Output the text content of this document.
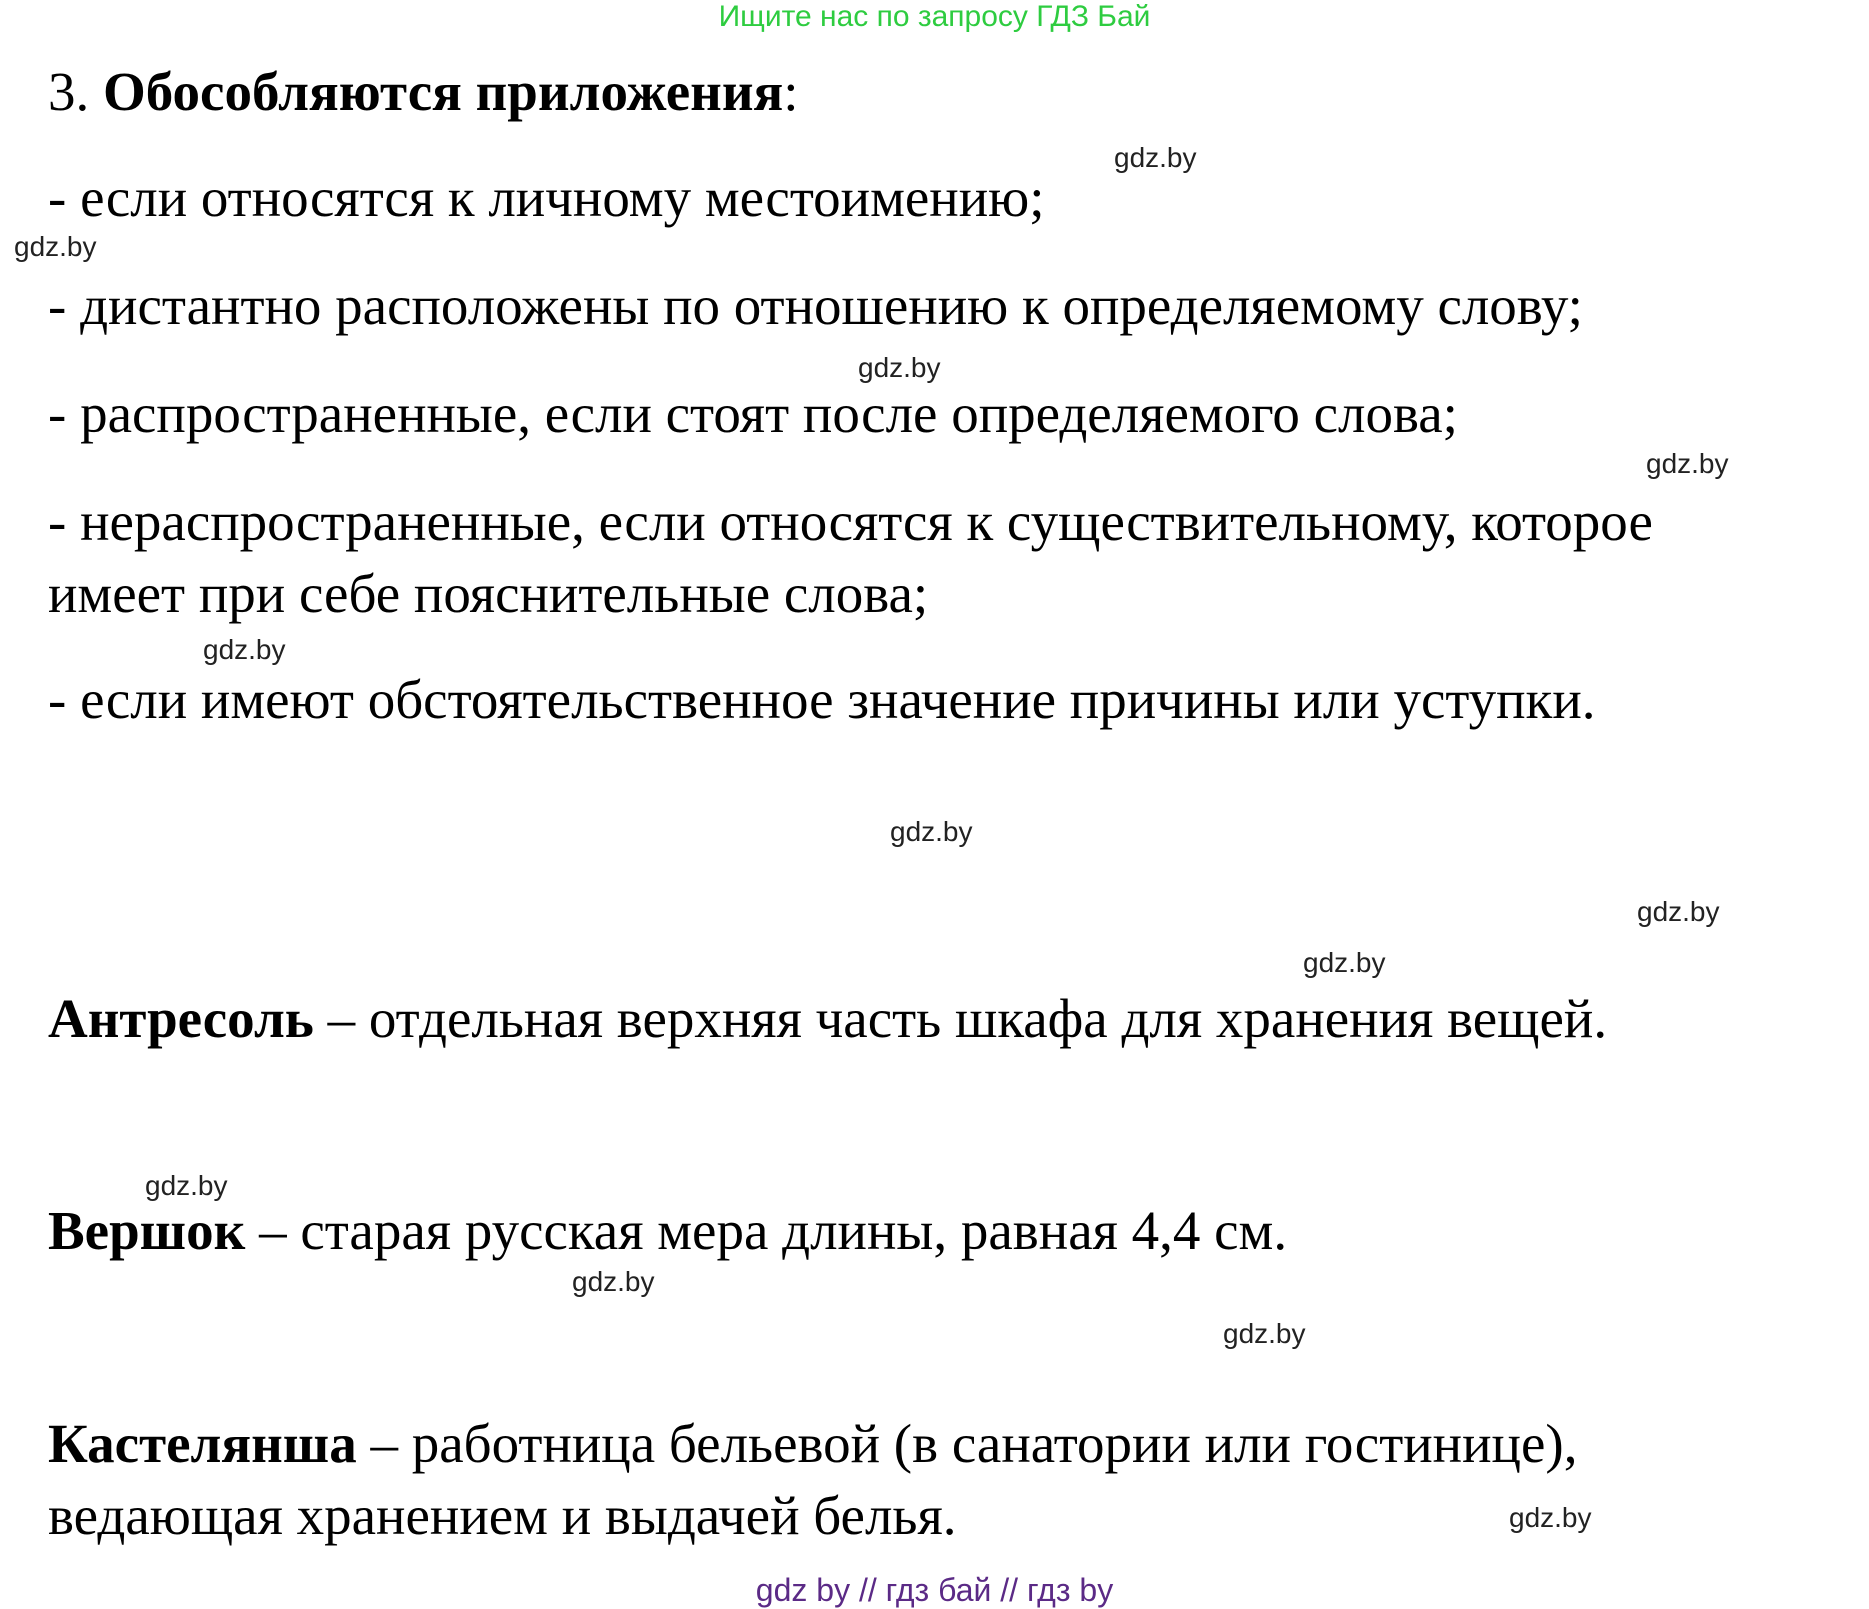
Ищите нас по запросу ГДЗ Бай
3. Обособляются приложения:
- если относятся к личному местоимению;
- дистантно расположены по отношению к определяемому слову;
- распространенные, если стоят после определяемого слова;
- нераспространенные, если относятся к существительному, которое
имеет при себе пояснительные слова;
- если имеют обстоятельственное значение причины или уступки.
Антресоль – отдельная верхняя часть шкафа для хранения вещей.
Вершок – старая русская мера длины, равная 4,4 см.
Кастелянша – работница бельевой (в санатории или гостинице),
ведающая хранением и выдачей белья.
gdz.by
gdz.by
gdz.by
gdz.by
gdz.by
gdz.by
gdz.by
gdz.by
gdz.by
gdz.by
gdz.by
gdz.by
gdz by // гдз бай // гдз by
